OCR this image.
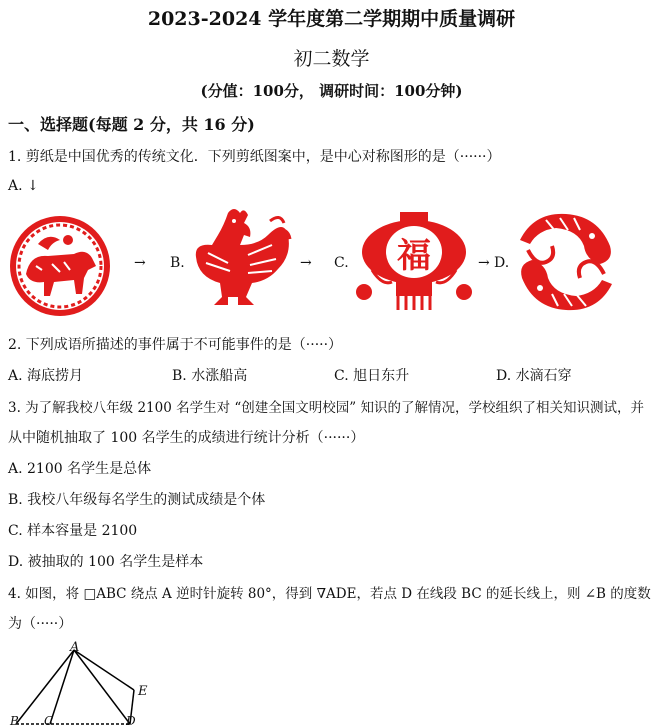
2023-2024 学年度第二学期期中质量调研
初二数学
(分值：100分， 调研时间：100分钟)
一、选择题(每题 2 分，共 16 分)
1. 剪纸是中国优秀的传统文化．下列剪纸图案中，是中心对称图形的是（······）
A. ↓
→ B.	→ C. 福	→ D.
2. 下列成语所描述的事件属于不可能事件的是（·····）
A. 海底捞月	B. 水涨船高	C. 旭日东升	D. 水滴石穿
3. 为了解我校八年级 2100 名学生对 “创建全国文明校园” 知识的了解情况，学校组织了相关知识测试，并
从中随机抽取了 100 名学生的成绩进行统计分析（······）
A. 2100 名学生是总体
B. 我校八年级每名学生的测试成绩是个体
C. 样本容量是 2100
D. 被抽取的 100 名学生是样本
4. 如图，将 □ABC 绕点 A 逆时针旋转 80°，得到 ∇ADE，若点 D 在线段 BC 的延长线上，则 ∠B 的度数
为（·····）
A
E
B C	D
